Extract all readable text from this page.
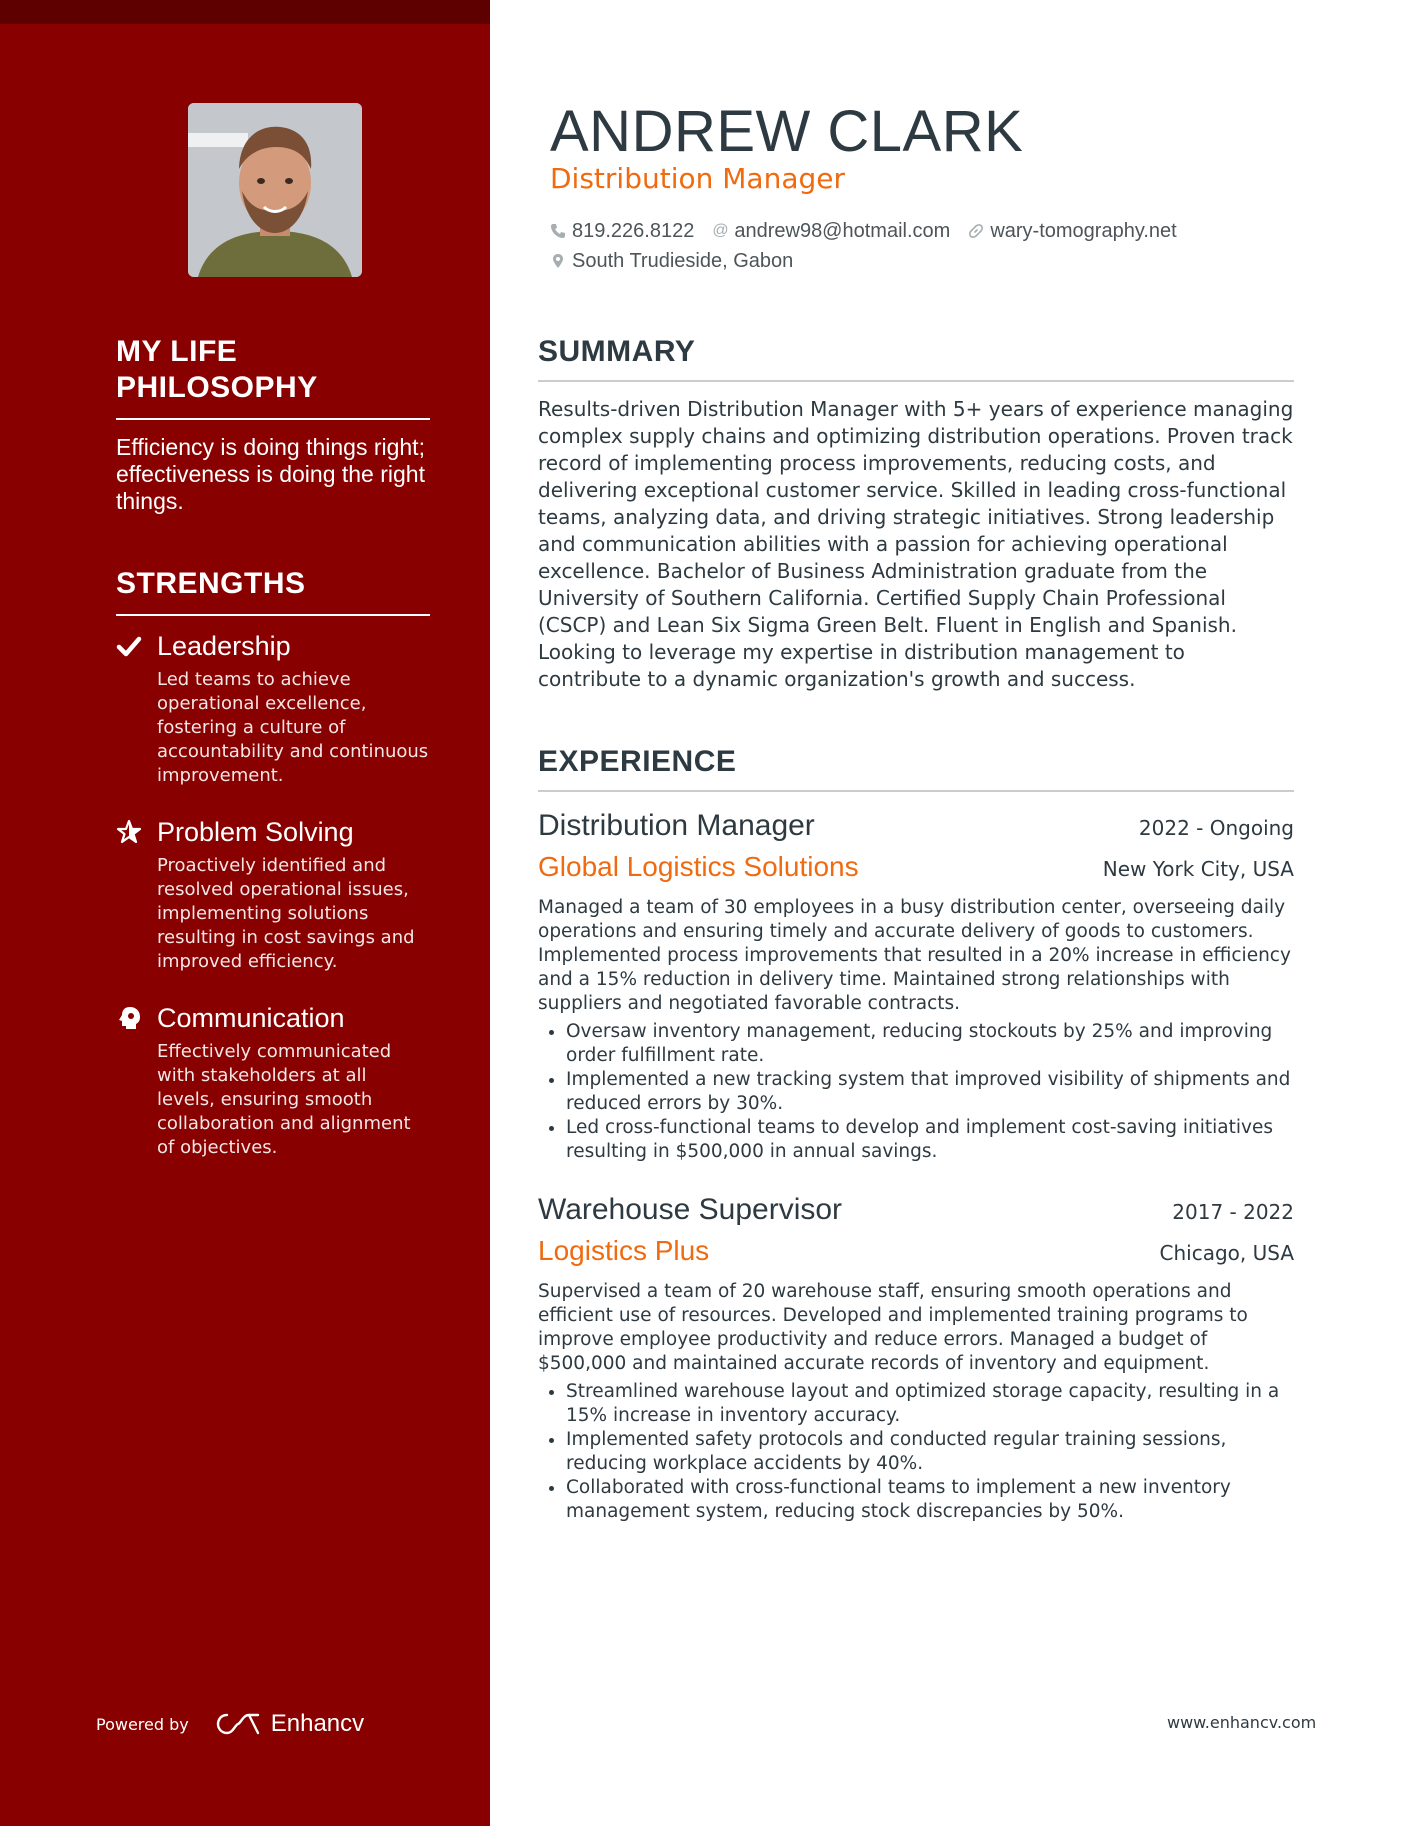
MY LIFE PHILOSOPHY
Efficiency is doing things right; effectiveness is doing the right things.
STRENGTHS
Leadership
Led teams to achieve operational excellence, fostering a culture of accountability and continuous improvement.
Problem Solving
Proactively identified and resolved operational issues, implementing solutions resulting in cost savings and improved efficiency.
Communication
Effectively communicated with stakeholders at all levels, ensuring smooth collaboration and alignment of objectives.
Powered by	Enhancv
ANDREW CLARK
Distribution Manager
819.226.8122 @ andrew98@hotmail.com wary-tomography.net
South Trudieside, Gabon
SUMMARY
Results-driven Distribution Manager with 5+ years of experience managing complex supply chains and optimizing distribution operations. Proven track record of implementing process improvements, reducing costs, and delivering exceptional customer service. Skilled in leading cross-functional teams, analyzing data, and driving strategic initiatives. Strong leadership and communication abilities with a passion for achieving operational excellence. Bachelor of Business Administration graduate from the University of Southern California. Certified Supply Chain Professional (CSCP) and Lean Six Sigma Green Belt. Fluent in English and Spanish. Looking to leverage my expertise in distribution management to contribute to a dynamic organization's growth and success.
EXPERIENCE
Distribution Manager	2022 - Ongoing
Global Logistics Solutions	New York City, USA
Managed a team of 30 employees in a busy distribution center, overseeing daily operations and ensuring timely and accurate delivery of goods to customers. Implemented process improvements that resulted in a 20% increase in efficiency and a 15% reduction in delivery time. Maintained strong relationships with suppliers and negotiated favorable contracts.
• Oversaw inventory management, reducing stockouts by 25% and improving order fulfillment rate.
• Implemented a new tracking system that improved visibility of shipments and reduced errors by 30%.
• Led cross-functional teams to develop and implement cost-saving initiatives resulting in $500,000 in annual savings.
Warehouse Supervisor	2017 - 2022
Logistics Plus	Chicago, USA
Supervised a team of 20 warehouse staff, ensuring smooth operations and efficient use of resources. Developed and implemented training programs to improve employee productivity and reduce errors. Managed a budget of $500,000 and maintained accurate records of inventory and equipment.
• Streamlined warehouse layout and optimized storage capacity, resulting in a 15% increase in inventory accuracy.
• Implemented safety protocols and conducted regular training sessions, reducing workplace accidents by 40%.
• Collaborated with cross-functional teams to implement a new inventory management system, reducing stock discrepancies by 50%.
www.enhancv.com
